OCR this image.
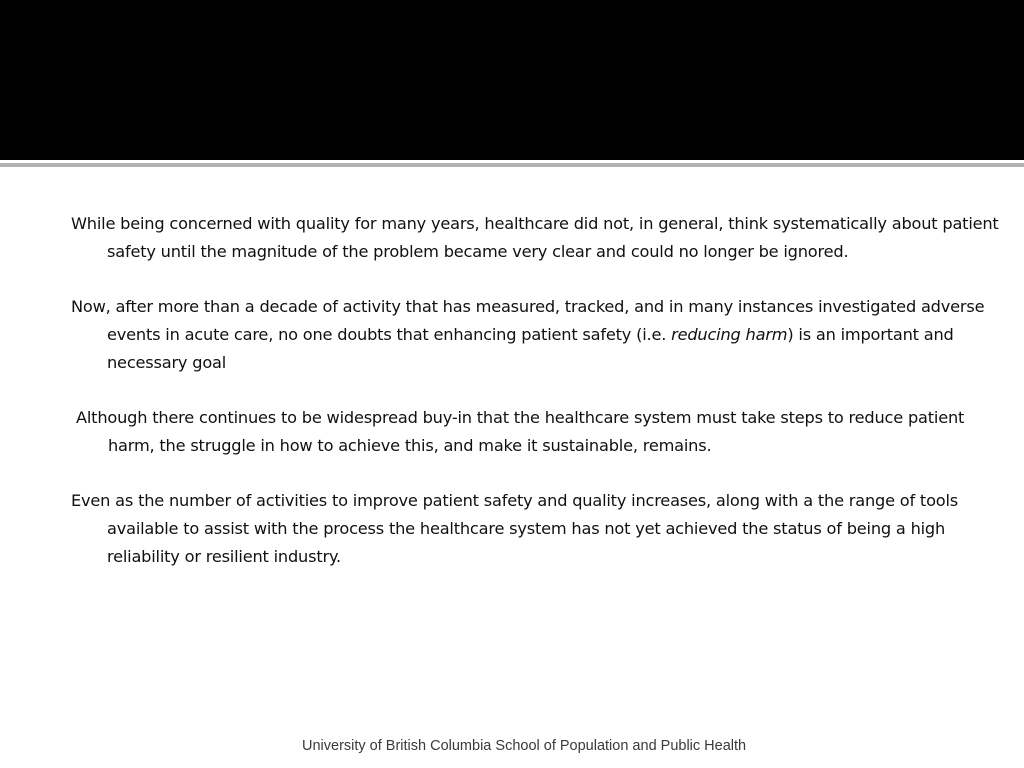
While being concerned with quality for many years, healthcare did not, in general, think systematically about patient safety until the magnitude of the problem became very clear and could no longer be ignored.

Now, after more than a decade of activity that has measured, tracked, and in many instances investigated adverse events in acute care, no one doubts that enhancing patient safety (i.e. reducing harm) is an important and necessary goal

Although there continues to be widespread buy-in that the healthcare system must take steps to reduce patient harm, the struggle in how to achieve this, and make it sustainable, remains.

Even as the number of activities to improve patient safety and quality increases, along with a the range of tools available to assist with the process the healthcare system has not yet achieved the status of being a high reliability or resilient industry.

University of British Columbia School of Population and Public Health
